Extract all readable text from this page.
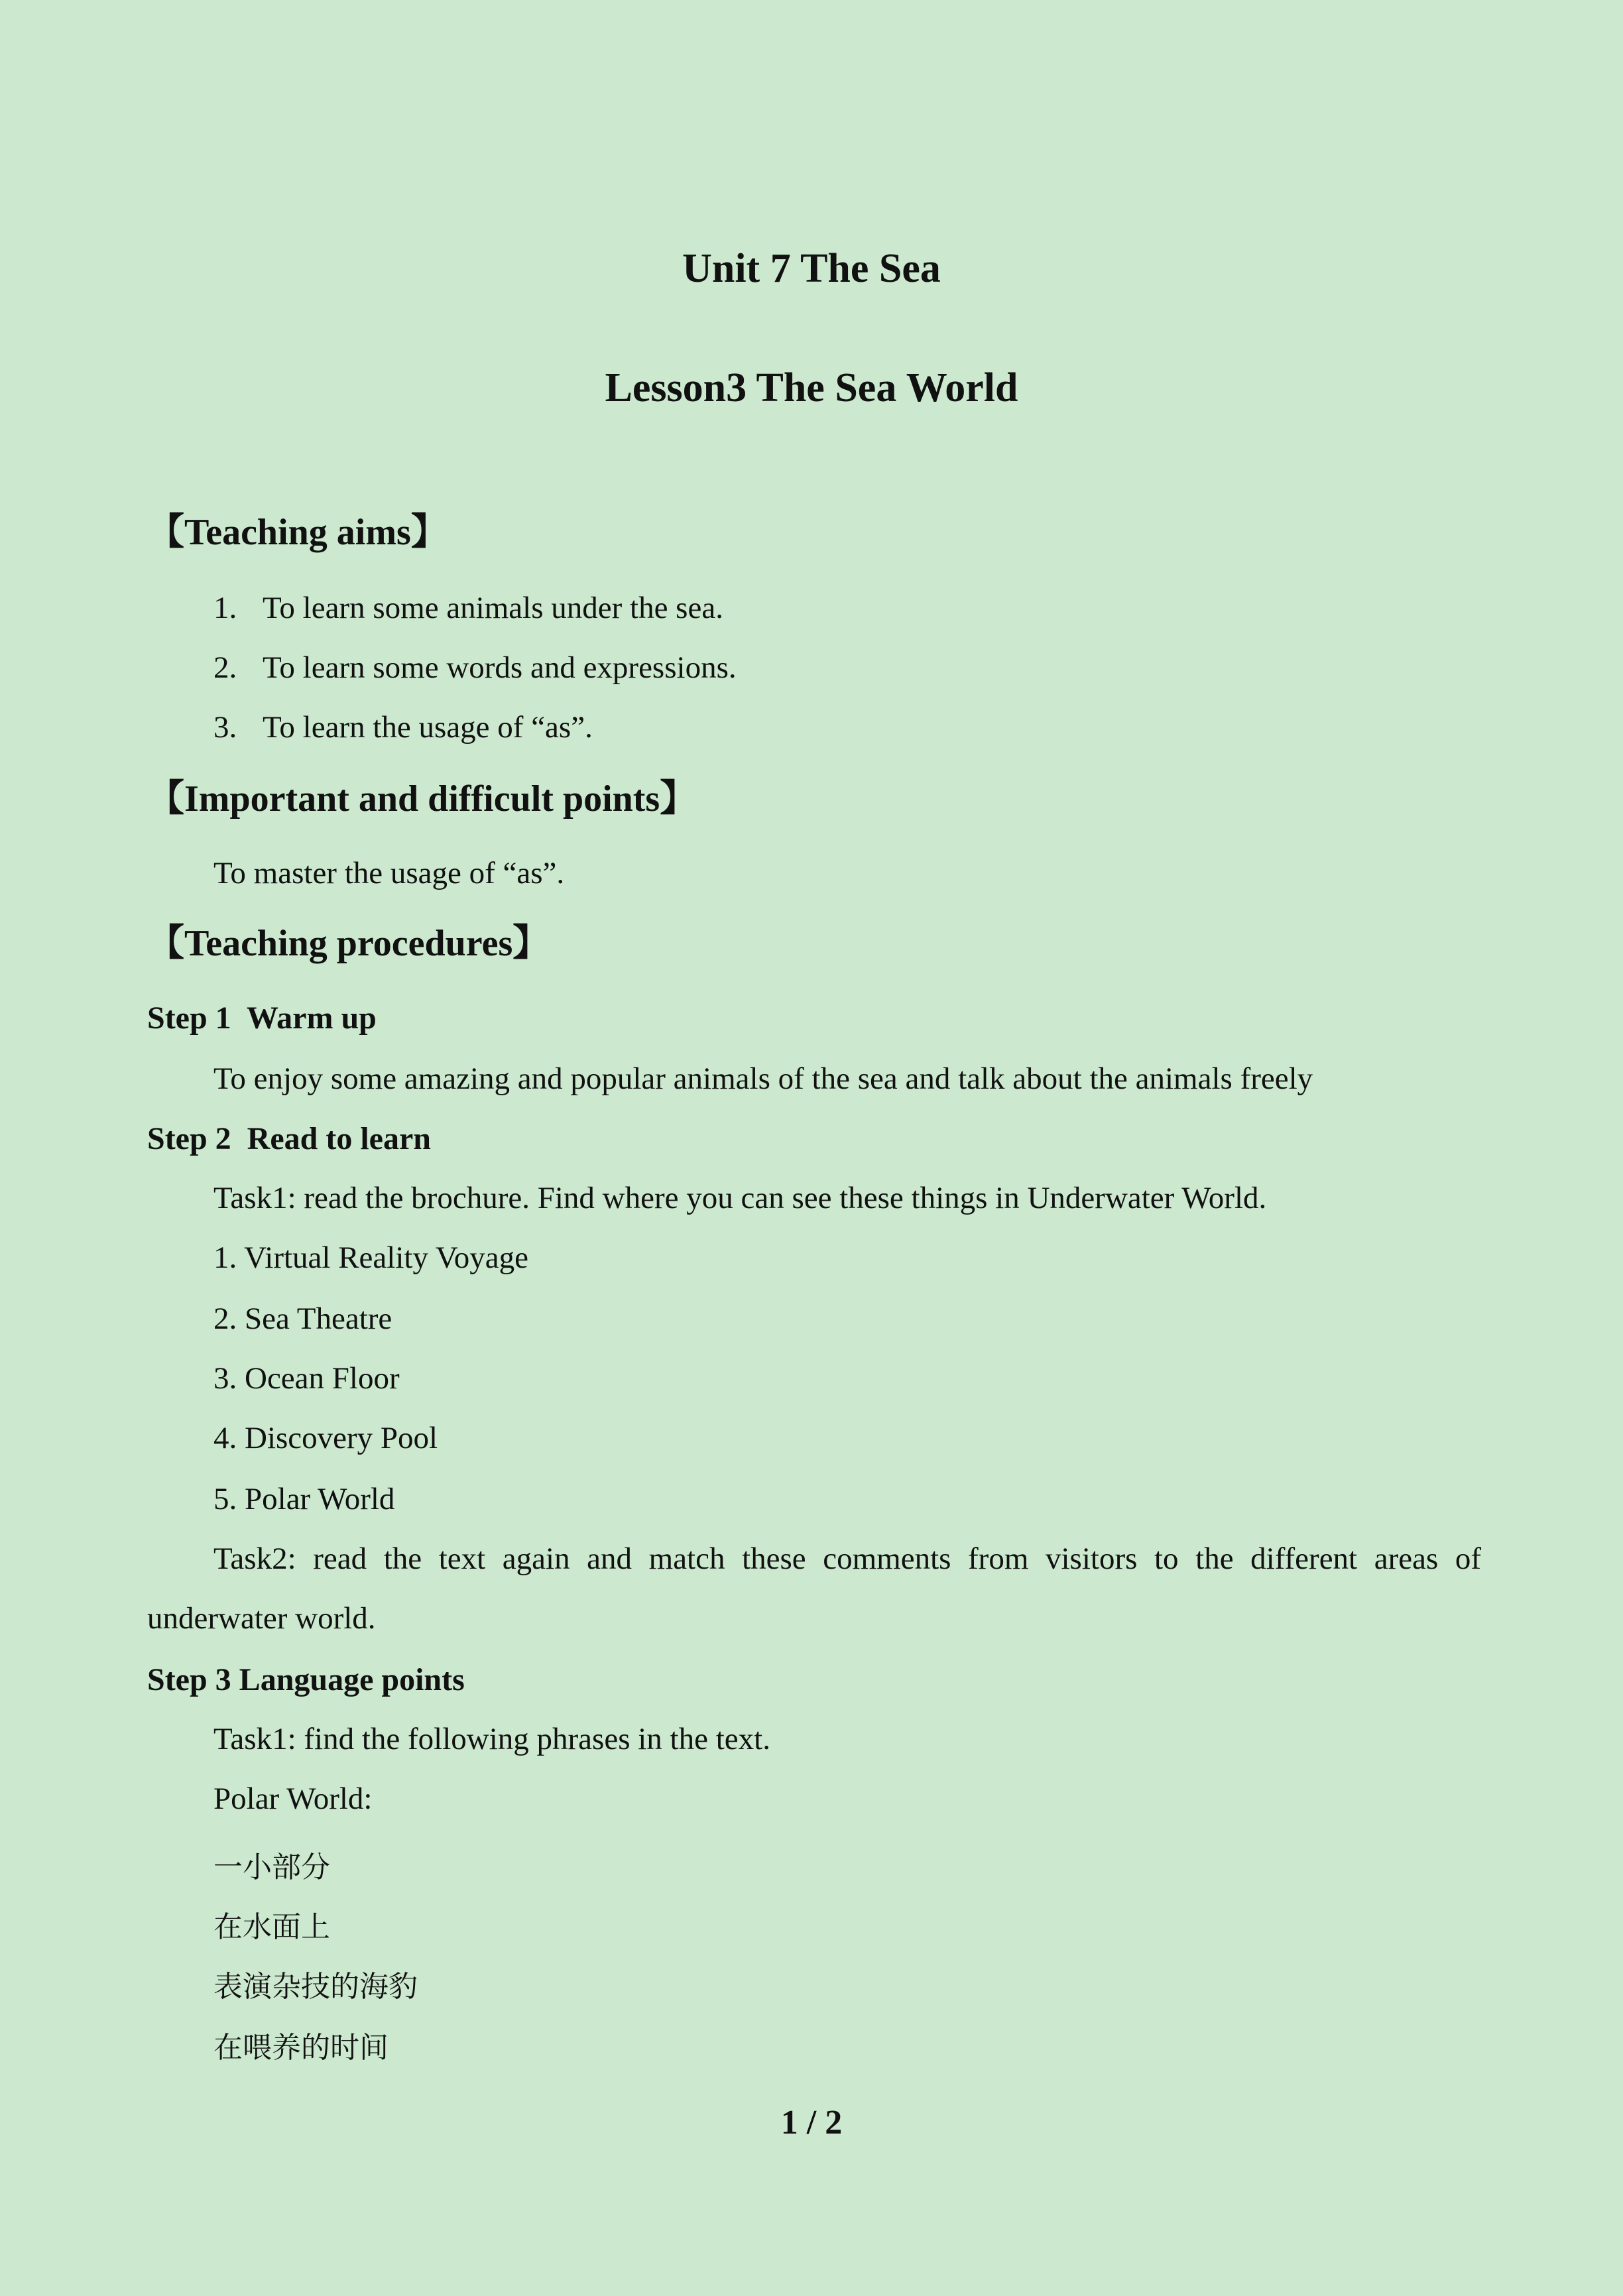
Unit 7 The Sea
Lesson3 The Sea World
【Teaching aims】
1. To learn some animals under the sea.
2. To learn some words and expressions.
3. To learn the usage of “as”.
【Important and difficult points】
To master the usage of “as”.
【Teaching procedures】
Step 1  Warm up
To enjoy some amazing and popular animals of the sea and talk about the animals freely
Step 2  Read to learn
Task1: read the brochure. Find where you can see these things in Underwater World.
1. Virtual Reality Voyage
2. Sea Theatre
3. Ocean Floor
4. Discovery Pool
5. Polar World
Task2: read the text again and match these comments from visitors to the different areas of
underwater world.
Step 3 Language points
Task1: find the following phrases in the text.
Polar World:
一小部分
在水面上
表演杂技的海豹
在喂养的时间
1 / 2
